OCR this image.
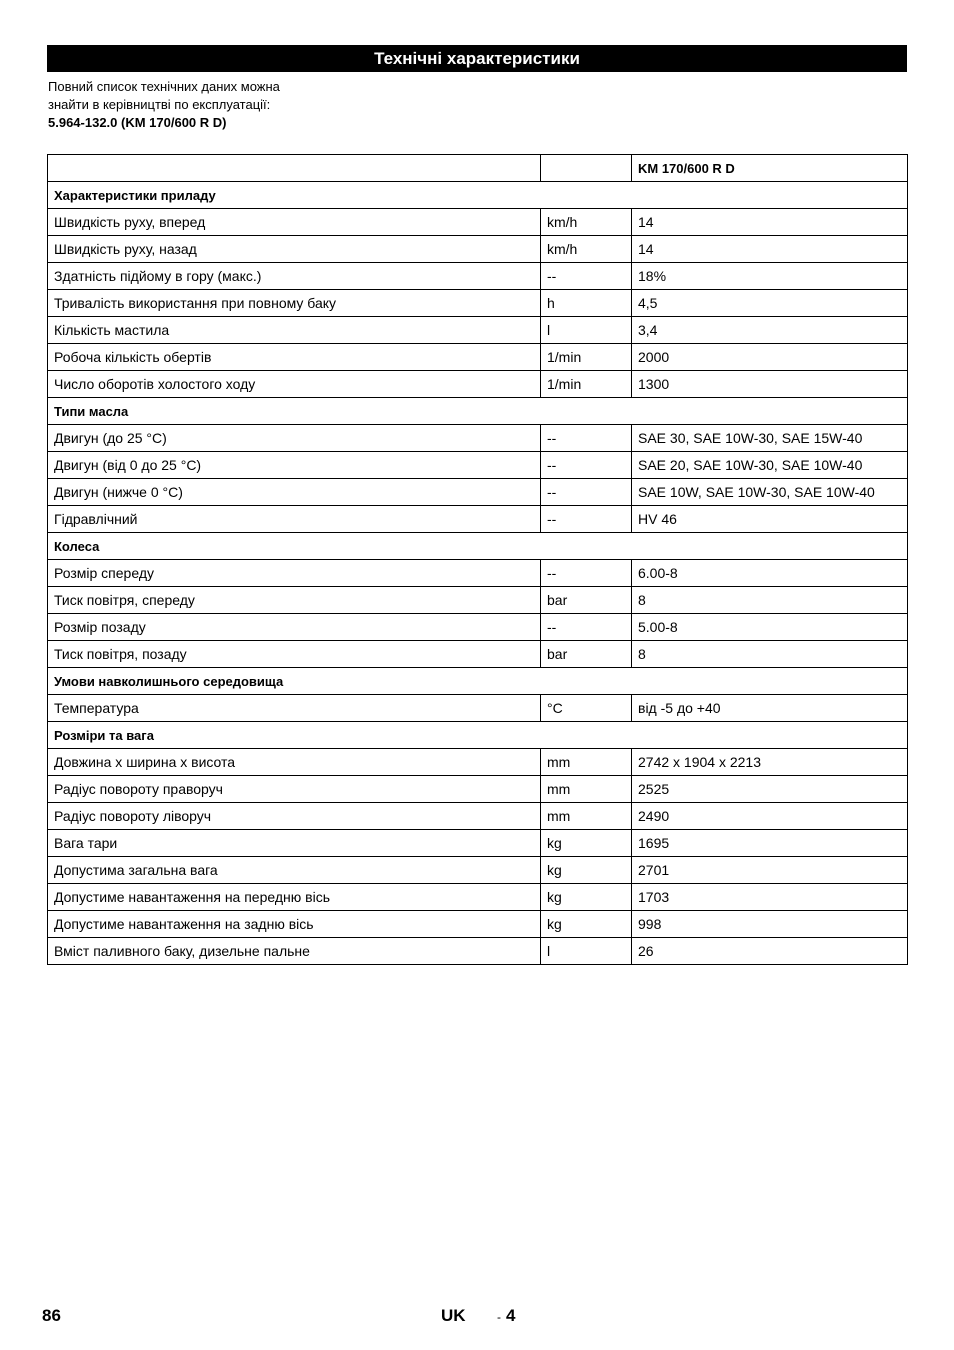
Технічні характеристики
Повний список технічних даних можна
знайти в керівництві по експлуатації:
5.964-132.0 (KM 170/600 R D)
		KM 170/600 R D
Характеристики приладу		
Швидкість руху, вперед	km/h	14
Швидкість руху, назад	km/h	14
Здатність підйому в гору (макс.)	--	18%
Тривалість використання при повному баку	h	4,5
Кількість мастила	l	3,4
Робоча кількість обертів	1/min	2000
Число оборотів холостого ходу	1/min	1300
Типи масла		
Двигун (до 25 °C)	--	SAE 30, SAE 10W-30, SAE 15W-40
Двигун (від 0 до 25 °C)	--	SAE 20, SAE 10W-30, SAE 10W-40
Двигун (нижче 0 °C)	--	SAE 10W, SAE 10W-30, SAE 10W-40
Гідравлічний	--	HV 46
Колеса		
Розмір спереду	--	6.00-8
Тиск повітря, спереду	bar	8
Розмір позаду	--	5.00-8
Тиск повітря, позаду	bar	8
Умови навколишнього середовища		
Температура	°C	від -5 до +40
Розміри та вага		
Довжина х ширина х висота	mm	2742 x 1904 x 2213
Радіус повороту праворуч	mm	2525
Радіус повороту ліворуч	mm	2490
Вага тари	kg	1695
Допустима загальна вага	kg	2701
Допустиме навантаження на передню вісь	kg	1703
Допустиме навантаження на задню вісь	kg	998
Вміст паливного баку, дизельне пальне	l	26
86	UK	- 4
